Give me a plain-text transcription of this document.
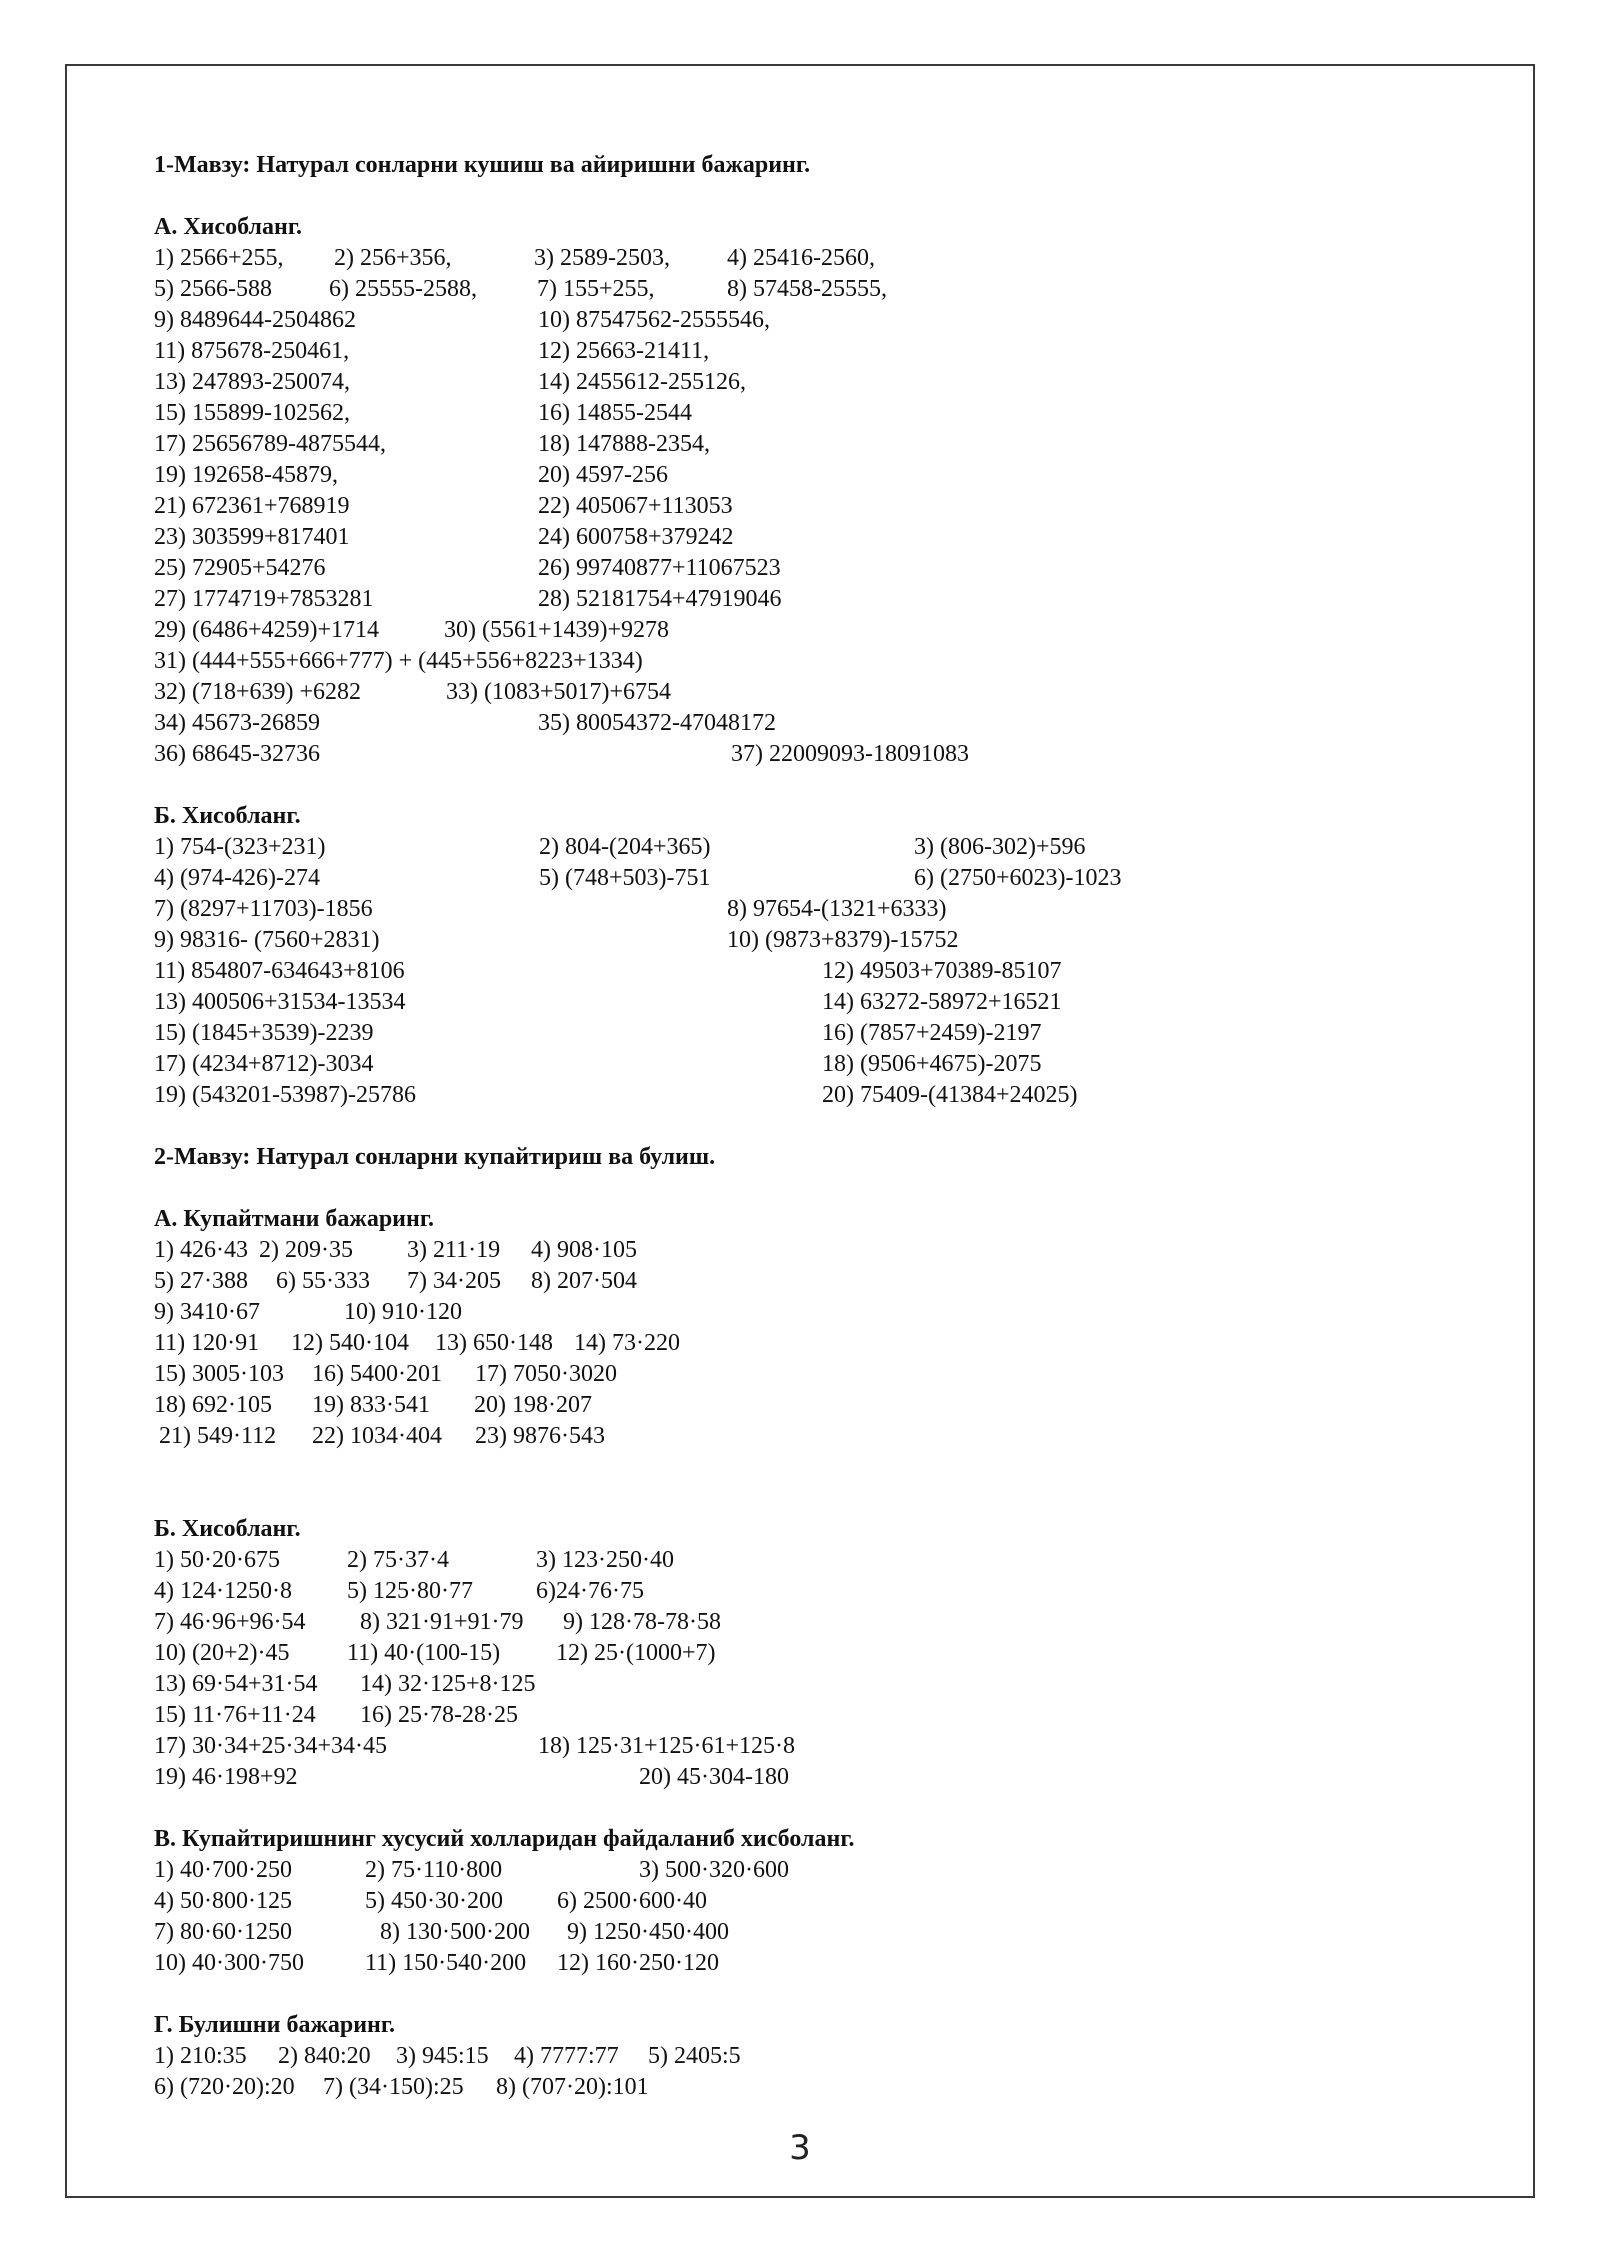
1-Мавзу: Натурал сонларни кушиш ва айиришни бажаринг.
А. Хисобланг.
1) 2566+255, 2) 256+356,	3) 2589-2503, 4) 25416-2560,
5) 2566-588 6) 25555-2588,	7) 155+255,	8) 57458-25555,
9) 8489644-2504862	10) 87547562-2555546,
11) 875678-250461,	12) 25663-21411,
13) 247893-250074,	14) 2455612-255126,
15) 155899-102562,	16) 14855-2544
17) 25656789-4875544,	18) 147888-2354,
19) 192658-45879,	20) 4597-256
21) 672361+768919	22) 405067+113053
23) 303599+817401	24) 600758+379242
25) 72905+54276	26) 99740877+11067523
27) 1774719+7853281	28) 52181754+47919046
29) (6486+4259)+1714	30) (5561+1439)+9278
31) (444+555+666+777) + (445+556+8223+1334)
32) (718+639) +6282	33) (1083+5017)+6754
34) 45673-26859	35) 80054372-47048172
36) 68645-32736	37) 22009093-18091083
Б. Хисобланг.
1) 754-(323+231)	2) 804-(204+365)	3) (806-302)+596
4) (974-426)-274	5) (748+503)-751	6) (2750+6023)-1023
7) (8297+11703)-1856	8) 97654-(1321+6333)
9) 98316- (7560+2831)	10) (9873+8379)-15752
11) 854807-634643+8106	12) 49503+70389-85107
13) 400506+31534-13534	14) 63272-58972+16521
15) (1845+3539)-2239	16) (7857+2459)-2197
17) (4234+8712)-3034	18) (9506+4675)-2075
19) (543201-53987)-25786	20) 75409-(41384+24025)
2-Мавзу: Натурал сонларни купайтириш ва булиш.
А. Купайтмани бажаринг.
1) 426·43 2) 209·35 3) 211·19 4) 908·105
5) 27·388 6) 55·333 7) 34·205 8) 207·504
9) 3410·67	10) 910·120
11) 120·91 12) 540·104 13) 650·148 14) 73·220
15) 3005·103 16) 5400·201 17) 7050·3020
18) 692·105 19) 833·541 20) 198·207
21) 549·112 22) 1034·404 23) 9876·543
Б. Хисобланг.
1) 50·20·675	2) 75·37·4	3) 123·250·40
4) 124·1250·8 5) 125·80·77	6)24·76·75
7) 46·96+96·54 8) 321·91+91·79 9) 128·78-78·58
10) (20+2)·45 11) 40·(100-15) 12) 25·(1000+7)
13) 69·54+31·54 14) 32·125+8·125
15) 11·76+11·24 16) 25·78-28·25
17) 30·34+25·34+34·45	18) 125·31+125·61+125·8
19) 46·198+92	20) 45·304-180
В. Купайтиришнинг хусусий холларидан файдаланиб хисболанг.
1) 40·700·250	2) 75·110·800	3) 500·320·600
4) 50·800·125	5) 450·30·200 6) 2500·600·40
7) 80·60·1250	8) 130·500·200 9) 1250·450·400
10) 40·300·750	11) 150·540·200 12) 160·250·120
Г. Булишни бажаринг.
1) 210:35 2) 840:20 3) 945:15 4) 7777:77 5) 2405:5
6) (720·20):20 7) (34·150):25 8) (707·20):101
3
